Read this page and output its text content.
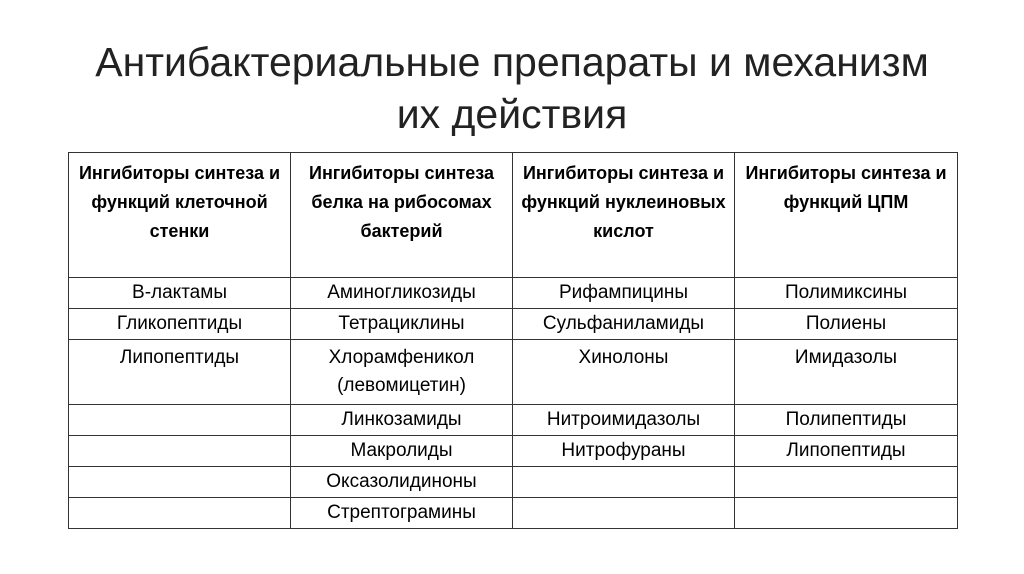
Антибактериальные препараты и механизм
их действия
Ингибиторы синтеза и функций клеточной стенки	Ингибиторы синтеза белка на рибосомах бактерий	Ингибиторы синтеза и функций нуклеиновых кислот	Ингибиторы синтеза и функций ЦПМ
В-лактамы	Аминогликозиды	Рифампицины	Полимиксины
Гликопептиды	Тетрациклины	Сульфаниламиды	Полиены
Липопептиды	Хлорамфеникол (левомицетин)	Хинолоны	Имидазолы
	Линкозамиды	Нитроимидазолы	Полипептиды
	Макролиды	Нитрофураны	Липопептиды
	Оксазолидиноны		
	Стрептограмины		
